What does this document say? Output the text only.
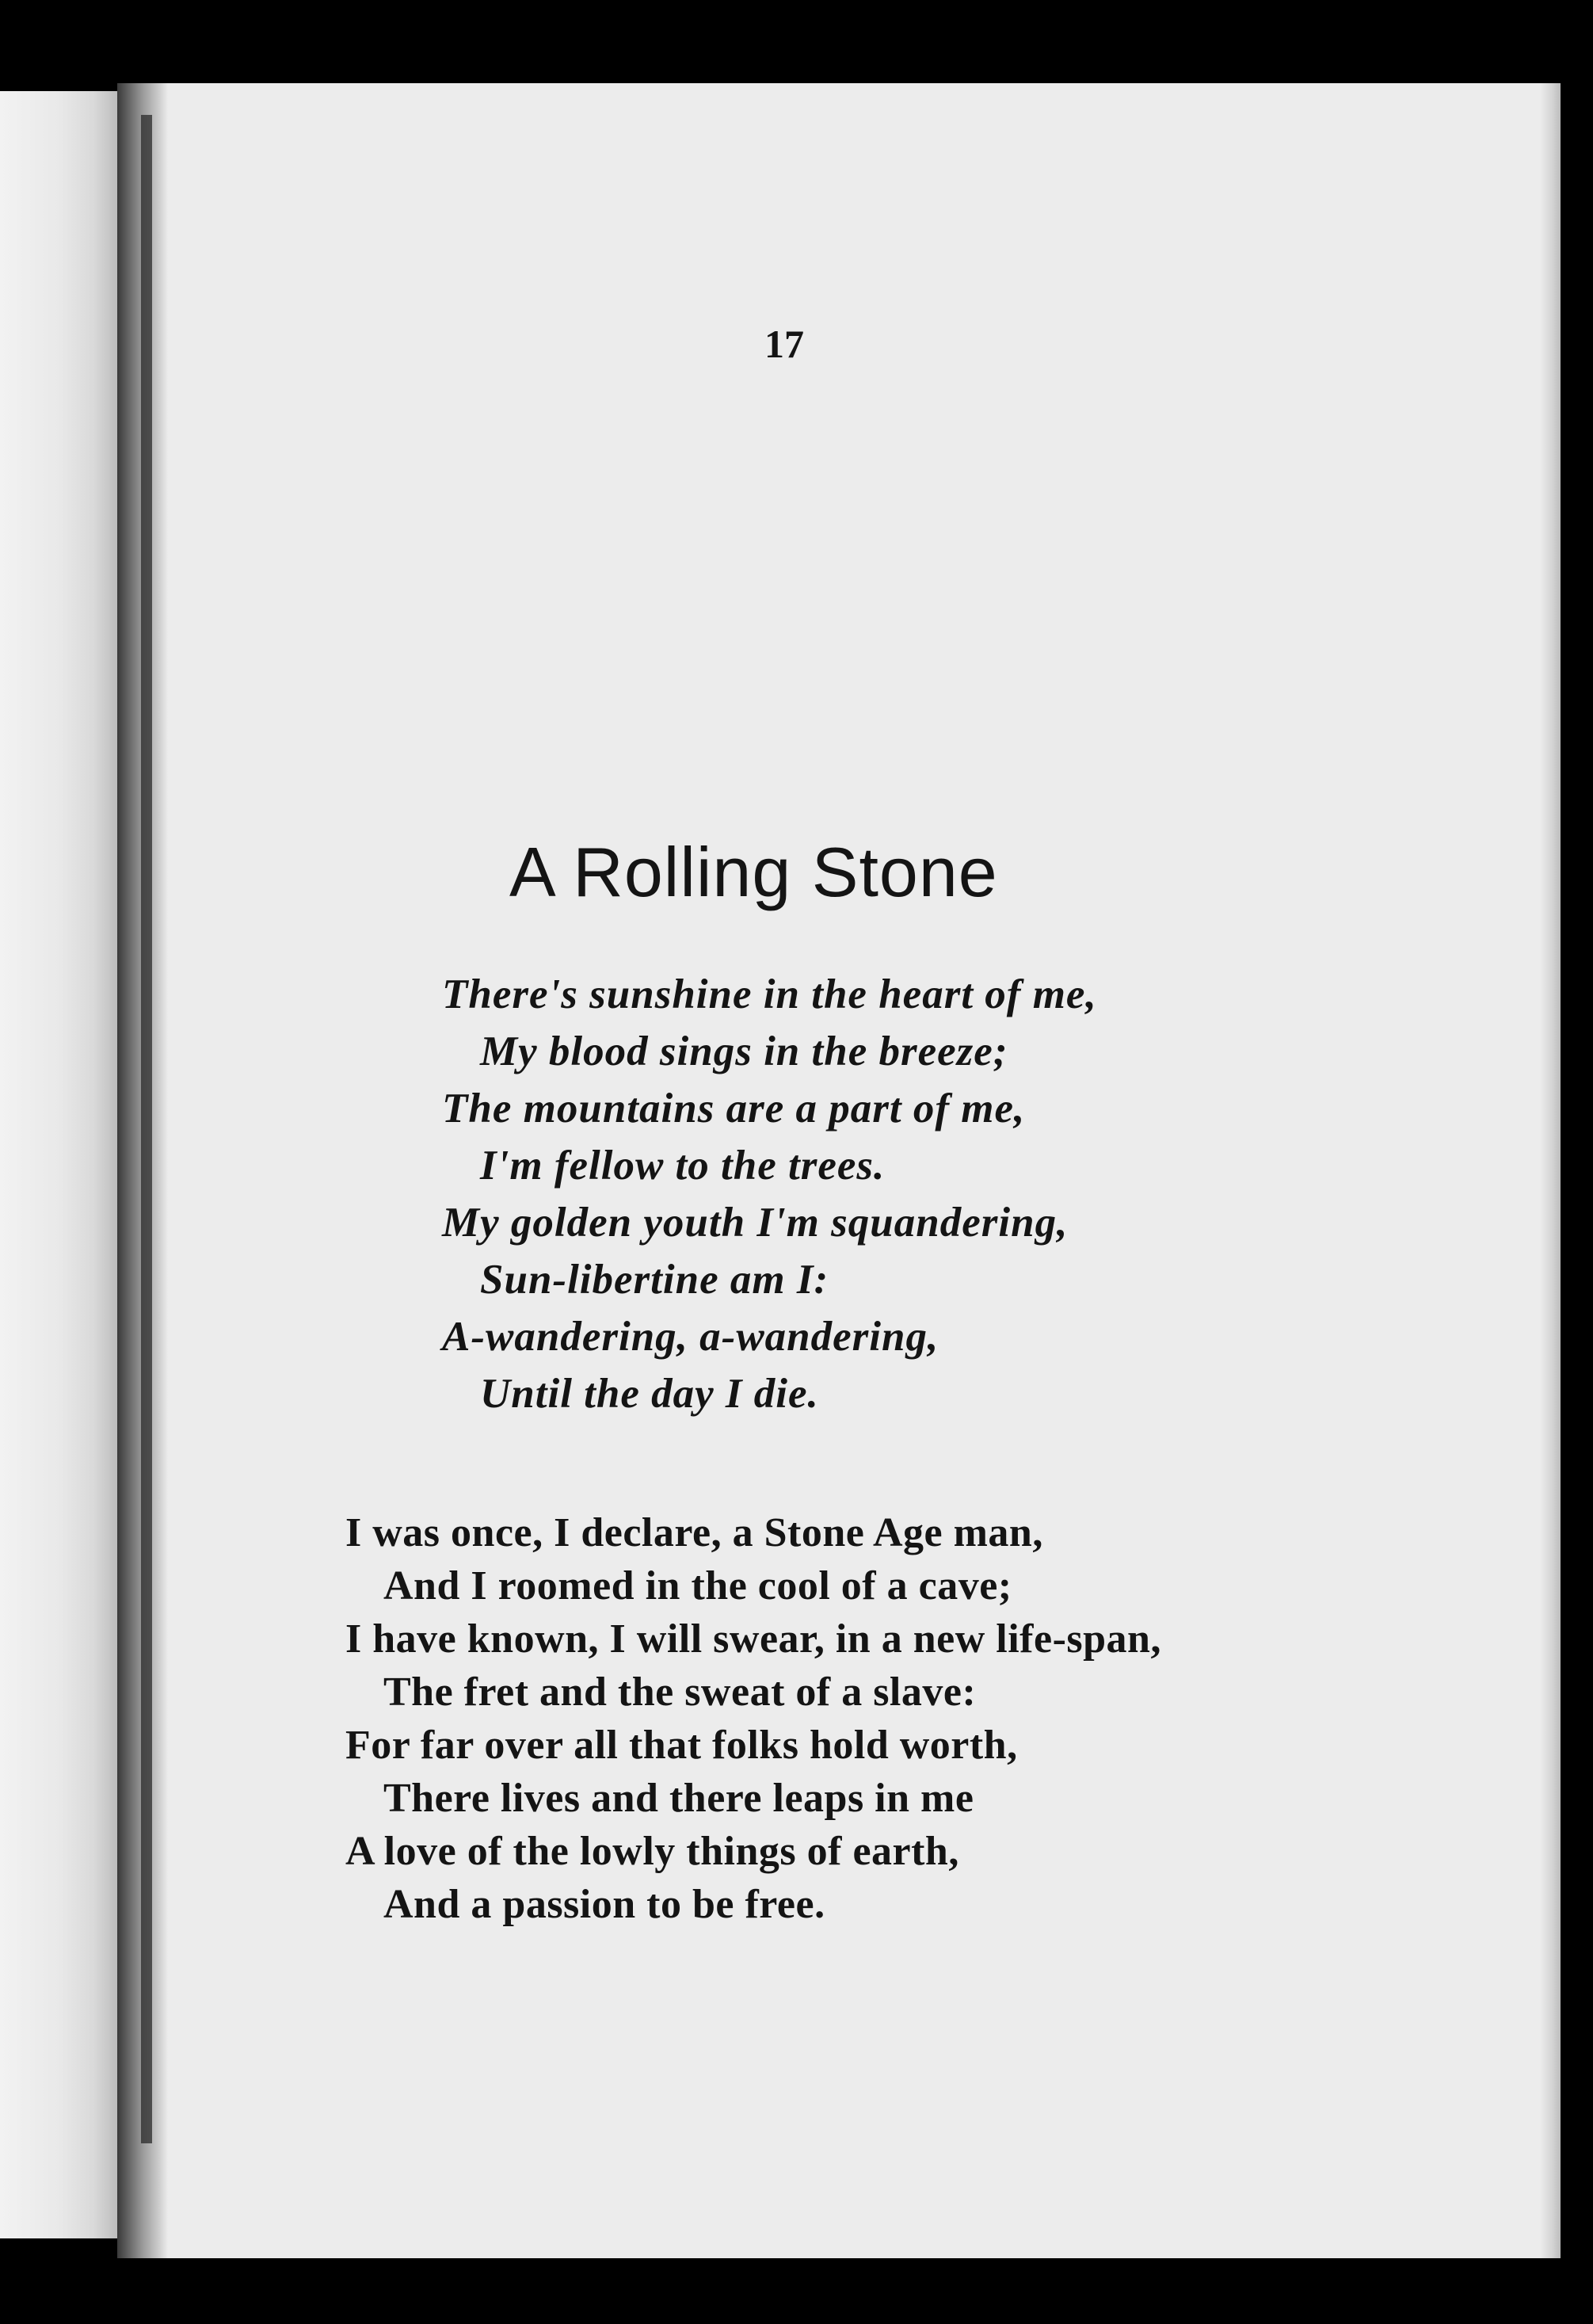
17
A Rolling Stone
There's sunshine in the heart of me,
My blood sings in the breeze;
The mountains are a part of me,
I'm fellow to the trees.
My golden youth I'm squandering,
Sun-libertine am I:
A-wandering, a-wandering,
Until the day I die.
I was once, I declare, a Stone Age man,
And I roomed in the cool of a cave;
I have known, I will swear, in a new life-span,
The fret and the sweat of a slave:
For far over all that folks hold worth,
There lives and there leaps in me
A love of the lowly things of earth,
And a passion to be free.
